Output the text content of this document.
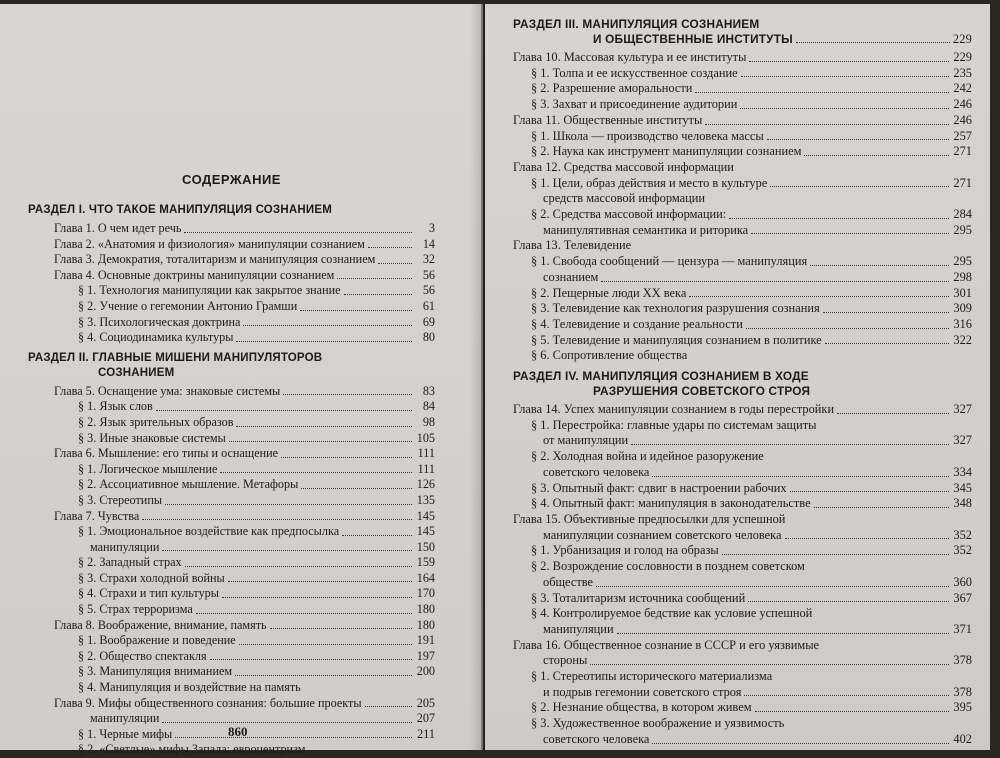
СОДЕРЖАНИЕ
РАЗДЕЛ I. ЧТО ТАКОЕ МАНИПУЛЯЦИЯ СОЗНАНИЕМ
Глава 1. О чем идет речь	3
Глава 2. «Анатомия и физиология» манипуляции сознанием	14
Глава 3. Демократия, тоталитаризм и манипуляция сознанием	32
Глава 4. Основные доктрины манипуляции сознанием	56
§ 1. Технология манипуляции как закрытое знание	56
§ 2. Учение о гегемонии Антонио Грамши	61
§ 3. Психологическая доктрина	69
§ 4. Социодинамика культуры	80
РАЗДЕЛ II. ГЛАВНЫЕ МИШЕНИ МАНИПУЛЯТОРОВ
СОЗНАНИЕМ
Глава 5. Оснащение ума: знаковые системы	83
§ 1. Язык слов	84
§ 2. Язык зрительных образов	98
§ 3. Иные знаковые системы	105
Глава 6. Мышление: его типы и оснащение	111
§ 1. Логическое мышление	111
§ 2. Ассоциативное мышление. Метафоры	126
§ 3. Стереотипы	135
Глава 7. Чувства	145
§ 1. Эмоциональное воздействие как предпосылка	145
манипуляции	150
§ 2. Западный страх	159
§ 3. Страхи холодной войны	164
§ 4. Страхи и тип культуры	170
§ 5. Страх терроризма	180
Глава 8. Воображение, внимание, память	180
§ 1. Воображение и поведение	191
§ 2. Общество спектакля	197
§ 3. Манипуляция вниманием	200
§ 4. Манипуляция и воздействие на память
Глава 9. Мифы общественного сознания: большие проекты	205
манипуляции	207
§ 1. Черные мифы	211
§ 2. «Светлые» мифы Запада: евроцентризм
860
РАЗДЕЛ III. МАНИПУЛЯЦИЯ СОЗНАНИЕМ
И ОБЩЕСТВЕННЫЕ ИНСТИТУТЫ	229
Глава 10. Массовая культура и ее институты	229
§ 1. Толпа и ее искусственное создание	235
§ 2. Разрешение аморальности	242
§ 3. Захват и присоединение аудитории	246
Глава 11. Общественные институты	246
§ 1. Школа — производство человека массы	257
§ 2. Наука как инструмент манипуляции сознанием	271
Глава 12. Средства массовой информации
§ 1. Цели, образ действия и место в культуре	271
средств массовой информации
§ 2. Средства массовой информации:	284
манипулятивная семантика и риторика	295
Глава 13. Телевидение
§ 1. Свобода сообщений — цензура — манипуляция	295
сознанием	298
§ 2. Пещерные люди XX века	301
§ 3. Телевидение как технология разрушения сознания	309
§ 4. Телевидение и создание реальности	316
§ 5. Телевидение и манипуляция сознанием в политике	322
§ 6. Сопротивление общества
РАЗДЕЛ IV. МАНИПУЛЯЦИЯ СОЗНАНИЕМ В ХОДЕ
РАЗРУШЕНИЯ СОВЕТСКОГО СТРОЯ
Глава 14. Успех манипуляции сознанием в годы перестройки	327
§ 1. Перестройка: главные удары по системам защиты
от манипуляции	327
§ 2. Холодная война и идейное разоружение
советского человека	334
§ 3. Опытный факт: сдвиг в настроении рабочих	345
§ 4. Опытный факт: манипуляция в законодательстве	348
Глава 15. Объективные предпосылки для успешной
манипуляции сознанием советского человека	352
§ 1. Урбанизация и голод на образы	352
§ 2. Возрождение сословности в позднем советском
обществе	360
§ 3. Тоталитаризм источника сообщений	367
§ 4. Контролируемое бедствие как условие успешной
манипуляции	371
Глава 16. Общественное сознание в СССР и его уязвимые
стороны	378
§ 1. Стереотипы исторического материализма
и подрыв гегемонии советского строя	378
§ 2. Незнание общества, в котором живем	395
§ 3. Художественное воображение и уязвимость
советского человека	402
